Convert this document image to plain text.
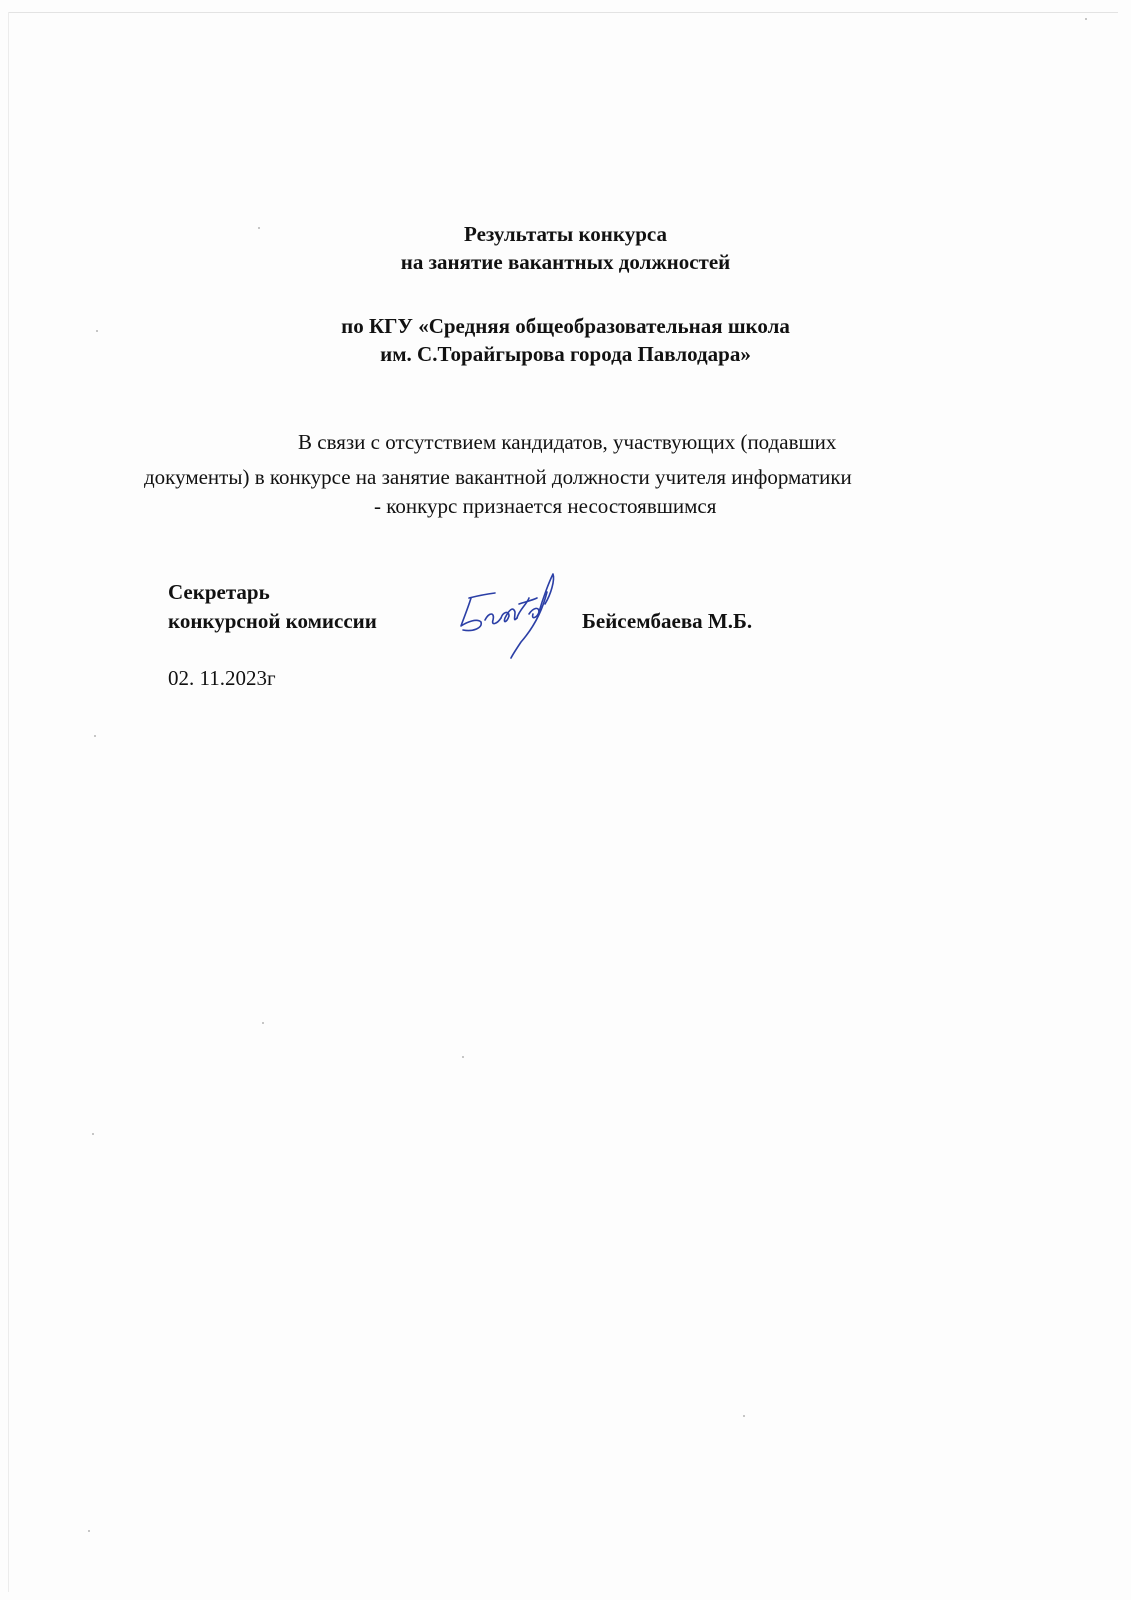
Результаты конкурса
на занятие вакантных должностей
по КГУ «Средняя общеобразовательная школа
им. С.Торайгырова города Павлодара»
В связи с отсутствием кандидатов, участвующих (подавших
документы) в конкурсе на занятие вакантной должности учителя информатики
- конкурс признается несостоявшимся
Секретарь
конкурсной комиссии	Бейсембаева М.Б.
02. 11.2023г
